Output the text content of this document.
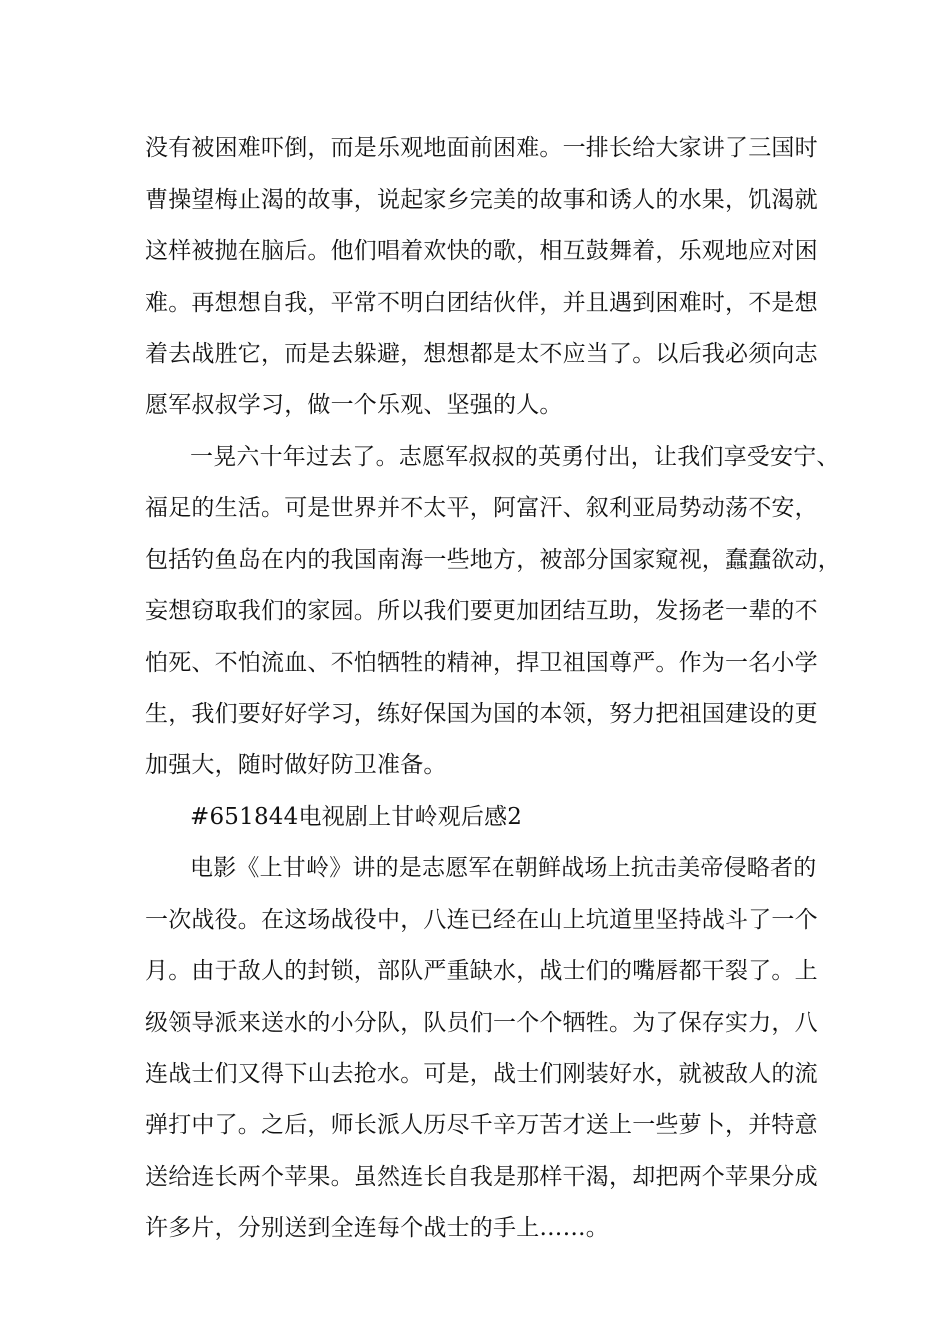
没有被困难吓倒，而是乐观地面前困难。一排长给大家讲了三国时
曹操望梅止渴的故事，说起家乡完美的故事和诱人的水果，饥渴就
这样被抛在脑后。他们唱着欢快的歌，相互鼓舞着，乐观地应对困
难。再想想自我，平常不明白团结伙伴，并且遇到困难时，不是想
着去战胜它，而是去躲避，想想都是太不应当了。以后我必须向志
愿军叔叔学习，做一个乐观、坚强的人。
一晃六十年过去了。志愿军叔叔的英勇付出，让我们享受安宁、
福足的生活。可是世界并不太平，阿富汗、叙利亚局势动荡不安，
包括钓鱼岛在内的我国南海一些地方，被部分国家窥视，蠢蠢欲动，
妄想窃取我们的家园。所以我们要更加团结互助，发扬老一辈的不
怕死、不怕流血、不怕牺牲的精神，捍卫祖国尊严。作为一名小学
生，我们要好好学习，练好保国为国的本领，努力把祖国建设的更
加强大，随时做好防卫准备。
#651844电视剧上甘岭观后感2
电影《上甘岭》讲的是志愿军在朝鲜战场上抗击美帝侵略者的
一次战役。在这场战役中，八连已经在山上坑道里坚持战斗了一个
月。由于敌人的封锁，部队严重缺水，战士们的嘴唇都干裂了。上
级领导派来送水的小分队，队员们一个个牺牲。为了保存实力，八
连战士们又得下山去抢水。可是，战士们刚装好水，就被敌人的流
弹打中了。之后，师长派人历尽千辛万苦才送上一些萝卜，并特意
送给连长两个苹果。虽然连长自我是那样干渴，却把两个苹果分成
许多片，分别送到全连每个战士的手上……。
